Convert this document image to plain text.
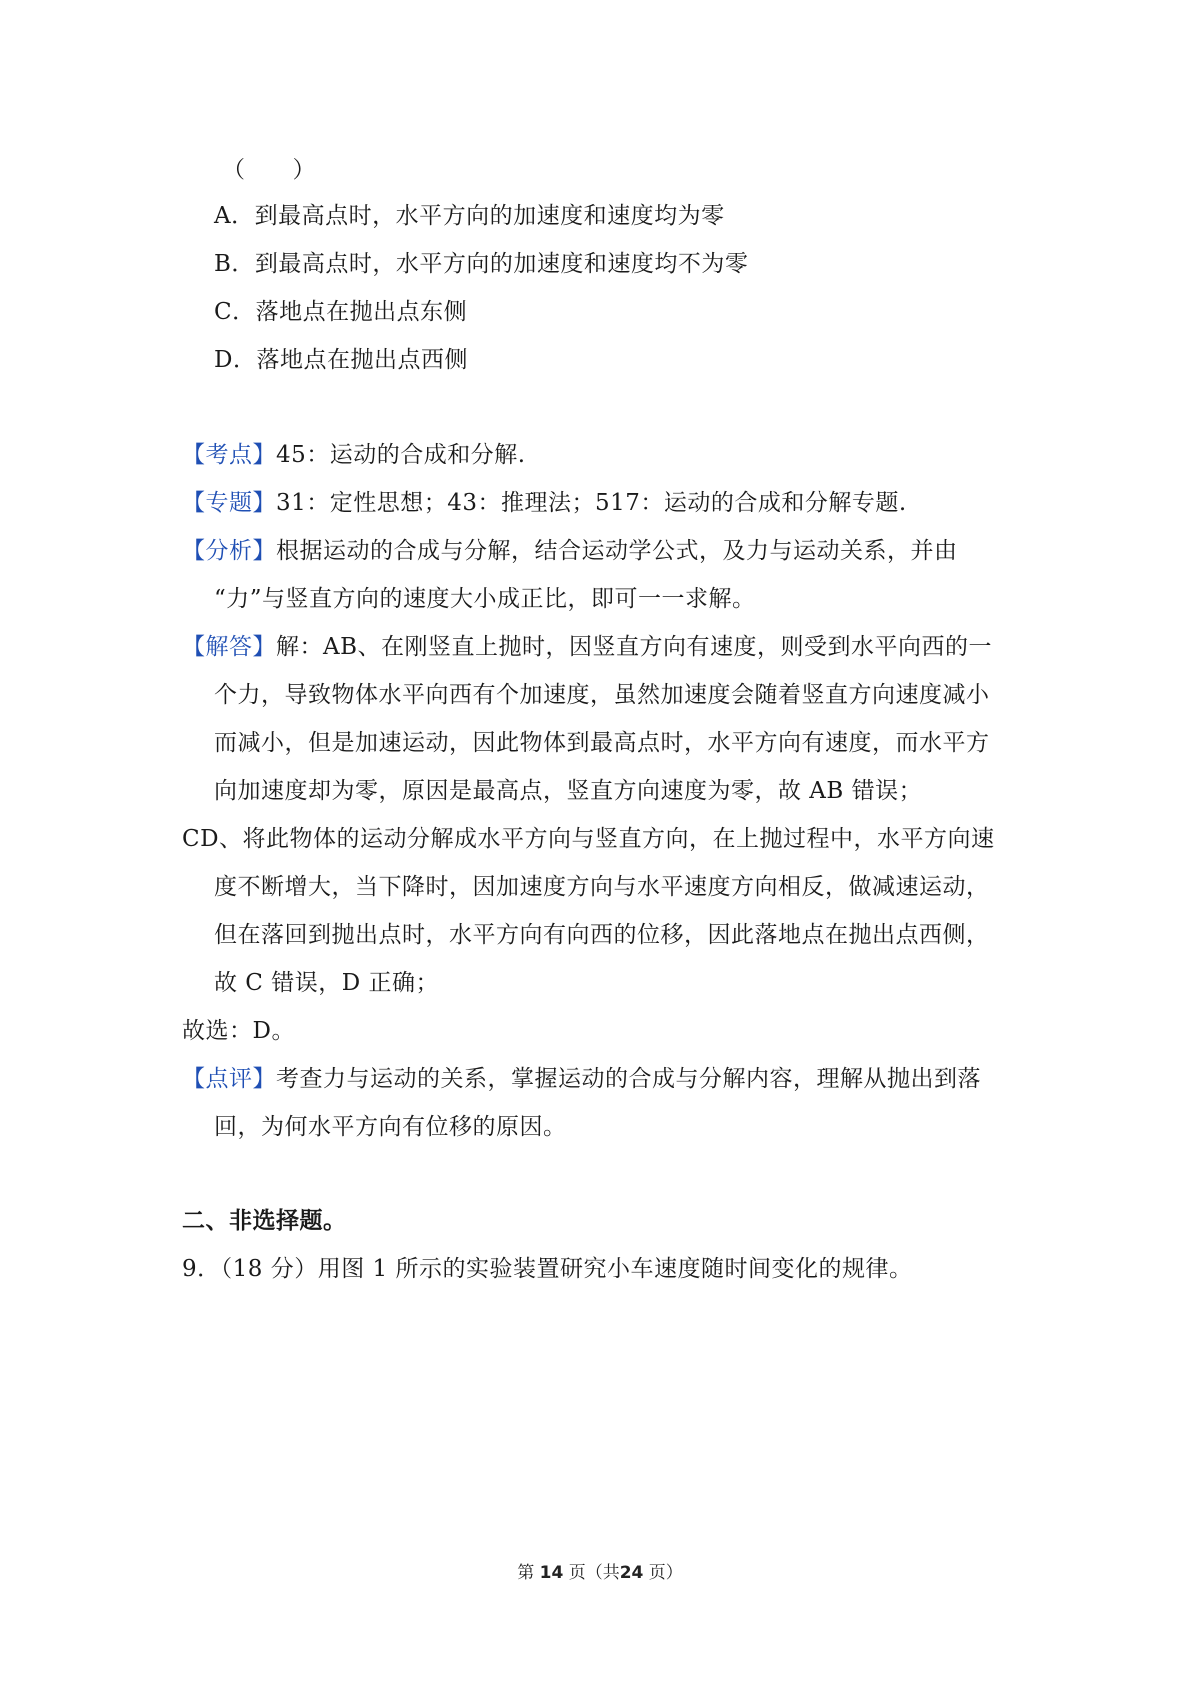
（　　）
A．到最高点时，水平方向的加速度和速度均为零
B．到最高点时，水平方向的加速度和速度均不为零
C．落地点在抛出点东侧
D．落地点在抛出点西侧
【考点】45：运动的合成和分解.
【专题】31：定性思想；43：推理法；517：运动的合成和分解专题.
【分析】根据运动的合成与分解，结合运动学公式，及力与运动关系，并由
“力”与竖直方向的速度大小成正比，即可一一求解。
【解答】解：AB、在刚竖直上抛时，因竖直方向有速度，则受到水平向西的一
个力，导致物体水平向西有个加速度，虽然加速度会随着竖直方向速度减小
而减小，但是加速运动，因此物体到最高点时，水平方向有速度，而水平方
向加速度却为零，原因是最高点，竖直方向速度为零，故 AB 错误；
CD、将此物体的运动分解成水平方向与竖直方向，在上抛过程中，水平方向速
度不断增大，当下降时，因加速度方向与水平速度方向相反，做减速运动，
但在落回到抛出点时，水平方向有向西的位移，因此落地点在抛出点西侧，
故 C 错误，D 正确；
故选：D。
【点评】考查力与运动的关系，掌握运动的合成与分解内容，理解从抛出到落
回，为何水平方向有位移的原因。
二、非选择题。
9．（18 分）用图 1 所示的实验装置研究小车速度随时间变化的规律。
第 14 页（共24 页）
